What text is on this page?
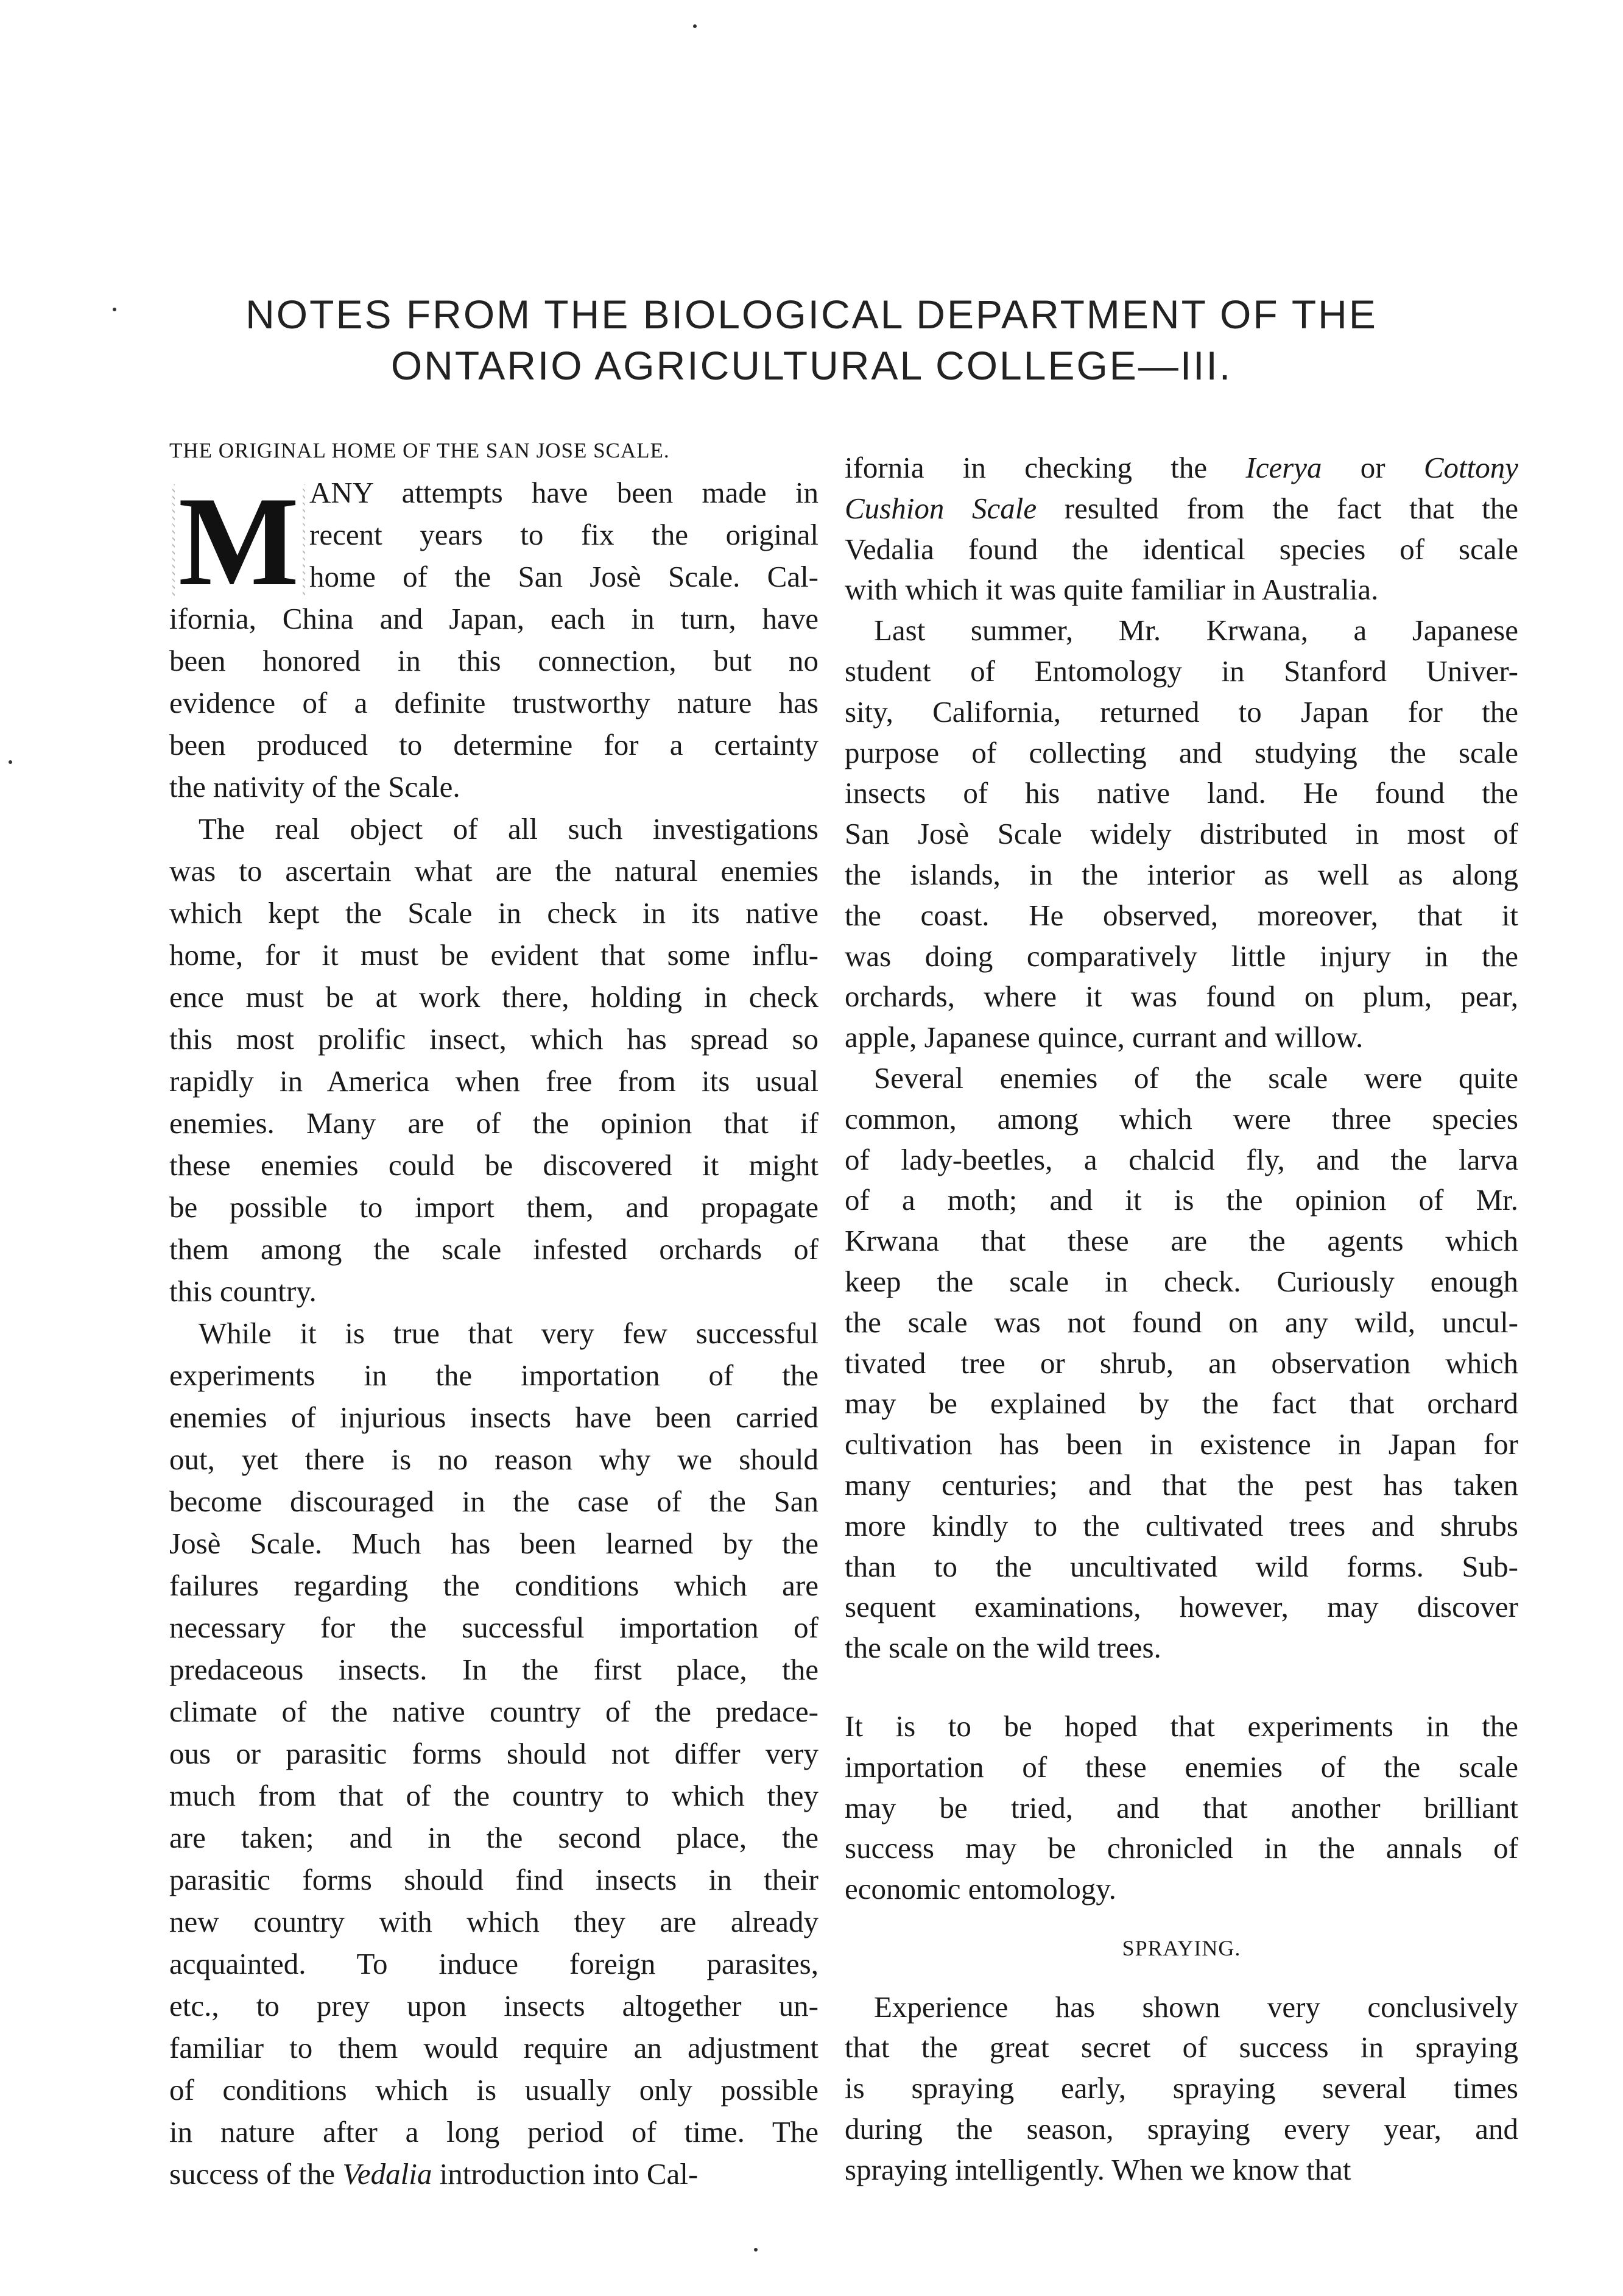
NOTES FROM THE BIOLOGICAL DEPARTMENT OF THE
ONTARIO AGRICULTURAL COLLEGE—III.
M
THE ORIGINAL HOME OF THE SAN JOSE SCALE.
ANY attempts have been made in
recent years to fix the original
home of the San Josè Scale. Cal-
ifornia, China and Japan, each in turn, have
been honored in this connection, but no
evidence of a definite trustworthy nature has
been produced to determine for a certainty
the nativity of the Scale.
The real object of all such investigations
was to ascertain what are the natural enemies
which kept the Scale in check in its native
home, for it must be evident that some influ-
ence must be at work there, holding in check
this most prolific insect, which has spread so
rapidly in America when free from its usual
enemies. Many are of the opinion that if
these enemies could be discovered it might
be possible to import them, and propagate
them among the scale infested orchards of
this country.
While it is true that very few successful
experiments in the importation of the
enemies of injurious insects have been carried
out, yet there is no reason why we should
become discouraged in the case of the San
Josè Scale. Much has been learned by the
failures regarding the conditions which are
necessary for the successful importation of
predaceous insects. In the first place, the
climate of the native country of the predace-
ous or parasitic forms should not differ very
much from that of the country to which they
are taken; and in the second place, the
parasitic forms should find insects in their
new country with which they are already
acquainted. To induce foreign parasites,
etc., to prey upon insects altogether un-
familiar to them would require an adjustment
of conditions which is usually only possible
in nature after a long period of time. The
success of the Vedalia introduction into Cal-
ifornia in checking the Icerya or Cottony
Cushion Scale resulted from the fact that the
Vedalia found the identical species of scale
with which it was quite familiar in Australia.
Last summer, Mr. Krwana, a Japanese
student of Entomology in Stanford Univer-
sity, California, returned to Japan for the
purpose of collecting and studying the scale
insects of his native land. He found the
San Josè Scale widely distributed in most of
the islands, in the interior as well as along
the coast. He observed, moreover, that it
was doing comparatively little injury in the
orchards, where it was found on plum, pear,
apple, Japanese quince, currant and willow.
Several enemies of the scale were quite
common, among which were three species
of lady-beetles, a chalcid fly, and the larva
of a moth; and it is the opinion of Mr.
Krwana that these are the agents which
keep the scale in check. Curiously enough
the scale was not found on any wild, uncul-
tivated tree or shrub, an observation which
may be explained by the fact that orchard
cultivation has been in existence in Japan for
many centuries; and that the pest has taken
more kindly to the cultivated trees and shrubs
than to the uncultivated wild forms. Sub-
sequent examinations, however, may discover
the scale on the wild trees.
It is to be hoped that experiments in the
importation of these enemies of the scale
may be tried, and that another brilliant
success may be chronicled in the annals of
economic entomology.
SPRAYING.
Experience has shown very conclusively
that the great secret of success in spraying
is spraying early, spraying several times
during the season, spraying every year, and
spraying intelligently. When we know that
